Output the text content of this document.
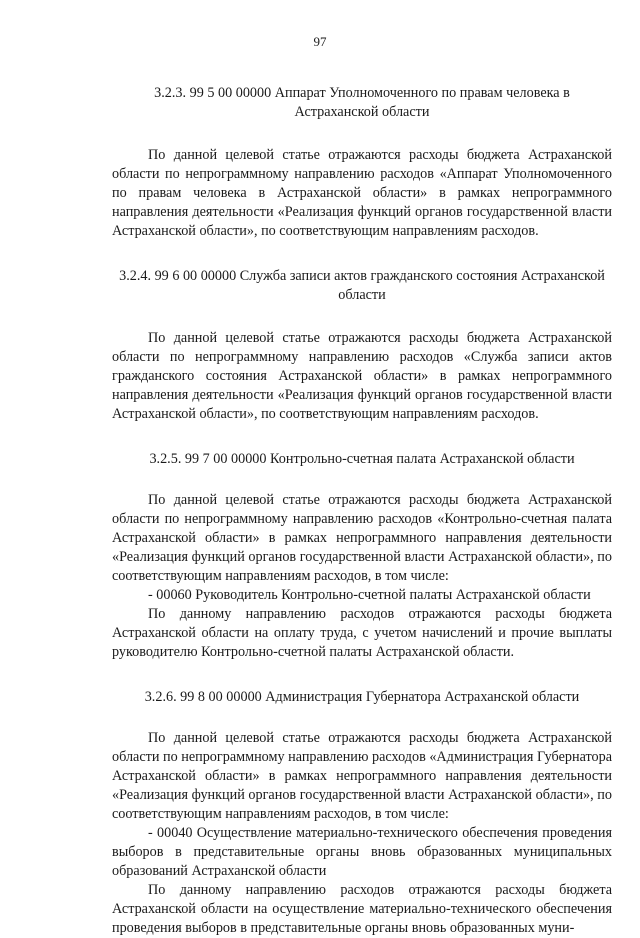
97

3.2.3. 99 5 00 00000 Аппарат Уполномоченного по правам человека в Астраханской области

По данной целевой статье отражаются расходы бюджета Астраханской области по непрограммному направлению расходов «Аппарат Уполномоченного по правам человека в Астраханской области» в рамках непрограммного направления деятельности «Реализация функций органов государственной власти Астраханской области», по соответствующим направлениям расходов.

3.2.4. 99 6 00 00000 Служба записи актов гражданского состояния Астраханской области

По данной целевой статье отражаются расходы бюджета Астраханской области по непрограммному направлению расходов «Служба записи актов гражданского состояния Астраханской области» в рамках непрограммного направления деятельности «Реализация функций органов государственной власти Астраханской области», по соответствующим направлениям расходов.

3.2.5. 99 7 00 00000 Контрольно-счетная палата Астраханской области

По данной целевой статье отражаются расходы бюджета Астраханской области по непрограммному направлению расходов «Контрольно-счетная палата Астраханской области» в рамках непрограммного направления деятельности «Реализация функций органов государственной власти Астраханской области», по соответствующим направлениям расходов, в том числе:

- 00060 Руководитель Контрольно-счетной палаты Астраханской области

По данному направлению расходов отражаются расходы бюджета Астраханской области на оплату труда, с учетом начислений и прочие выплаты руководителю Контрольно-счетной палаты Астраханской области.

3.2.6. 99 8 00 00000 Администрация Губернатора Астраханской области

По данной целевой статье отражаются расходы бюджета Астраханской области по непрограммному направлению расходов «Администрация Губернатора Астраханской области» в рамках непрограммного направления деятельности «Реализация функций органов государственной власти Астраханской области», по соответствующим направлениям расходов, в том числе:

- 00040 Осуществление материально-технического обеспечения проведения выборов в представительные органы вновь образованных муниципальных образований Астраханской области

По данному направлению расходов отражаются расходы бюджета Астраханской области на осуществление материально-технического обеспечения проведения выборов в представительные органы вновь образованных муни-
